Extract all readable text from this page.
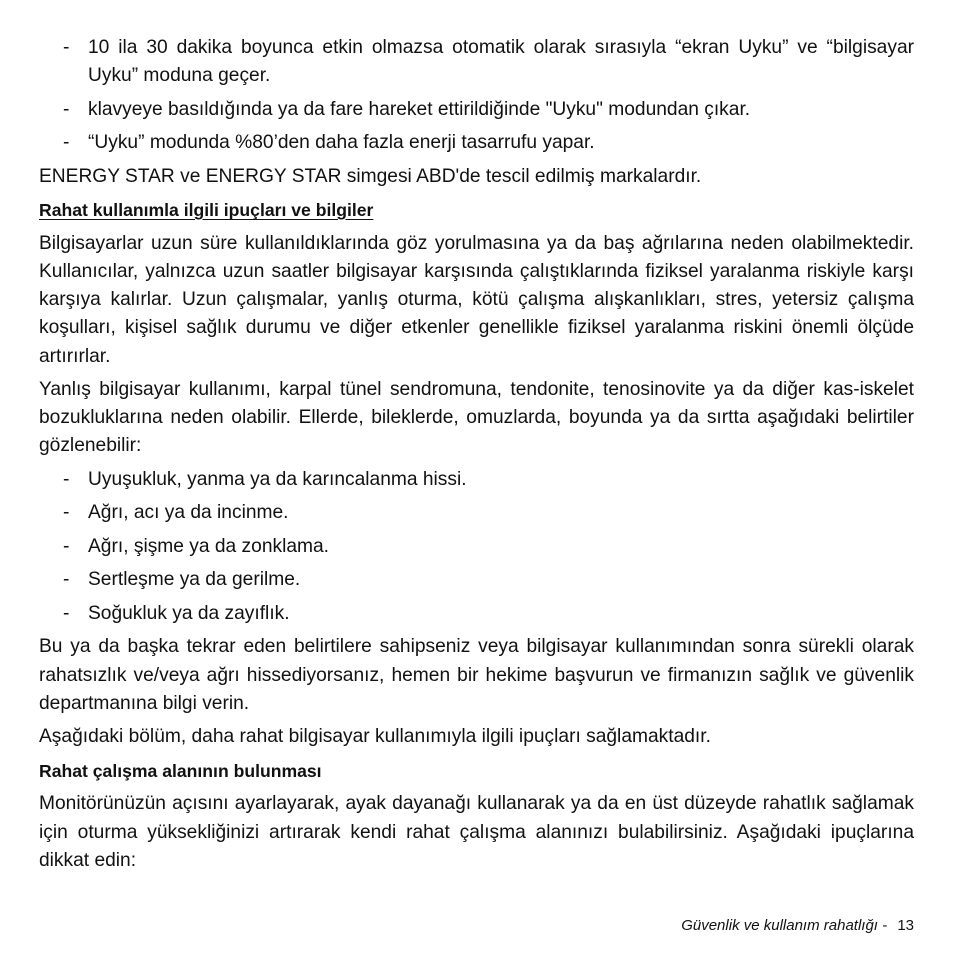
- 10 ila 30 dakika boyunca etkin olmazsa otomatik olarak sırasıyla “ekran Uyku” ve “bilgisayar Uyku” moduna geçer.
- klavyeye basıldığında ya da fare hareket ettirildiğinde "Uyku" modundan çıkar.
- “Uyku” modunda %80’den daha fazla enerji tasarrufu yapar.

ENERGY STAR ve ENERGY STAR simgesi ABD'de tescil edilmiş markalardır.

Rahat kullanımla ilgili ipuçları ve bilgiler

Bilgisayarlar uzun süre kullanıldıklarında göz yorulmasına ya da baş ağrılarına neden olabilmektedir. Kullanıcılar, yalnızca uzun saatler bilgisayar karşısında çalıştıklarında fiziksel yaralanma riskiyle karşı karşıya kalırlar. Uzun çalışmalar, yanlış oturma, kötü çalışma alışkanlıkları, stres, yetersiz çalışma koşulları, kişisel sağlık durumu ve diğer etkenler genellikle fiziksel yaralanma riskini önemli ölçüde artırırlar.

Yanlış bilgisayar kullanımı, karpal tünel sendromuna, tendonite, tenosinovite ya da diğer kas-iskelet bozukluklarına neden olabilir. Ellerde, bileklerde, omuzlarda, boyunda ya da sırtta aşağıdaki belirtiler gözlenebilir:

- Uyuşukluk, yanma ya da karıncalanma hissi.
- Ağrı, acı ya da incinme.
- Ağrı, şişme ya da zonklama.
- Sertleşme ya da gerilme.
- Soğukluk ya da zayıflık.

Bu ya da başka tekrar eden belirtilere sahipseniz veya bilgisayar kullanımından sonra sürekli olarak rahatsızlık ve/veya ağrı hissediyorsanız, hemen bir hekime başvurun ve firmanızın sağlık ve güvenlik departmanına bilgi verin.

Aşağıdaki bölüm, daha rahat bilgisayar kullanımıyla ilgili ipuçları sağlamaktadır.

Rahat çalışma alanının bulunması

Monitörünüzün açısını ayarlayarak, ayak dayanağı kullanarak ya da en üst düzeyde rahatlık sağlamak için oturma yüksekliğinizi artırarak kendi rahat çalışma alanınızı bulabilirsiniz. Aşağıdaki ipuçlarına dikkat edin:

Güvenlik ve kullanım rahatlığı - 13
